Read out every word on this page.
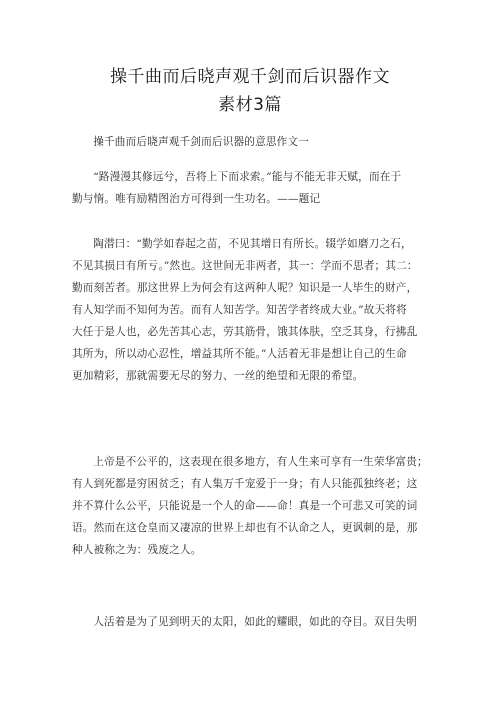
操千曲而后晓声观千剑而后识器作文
素材3篇
操千曲而后晓声观千剑而后识器的意思作文一
“路漫漫其修远兮，吾将上下而求索。”能与不能无非天赋，而在于
勤与惰。唯有励精图治方可得到一生功名。——题记
陶潜曰：“勤学如春起之苗，不见其增日有所长。辍学如磨刀之石，
不见其损日有所亏。”然也。这世间无非两者，其一：学而不思者；其二：
勤而刻苦者。那这世界上为何会有这两种人呢？知识是一人毕生的财产，
有人知学而不知何为苦。而有人知苦学。知苦学者终成大业。”故天将将
大任于是人也，必先苦其心志，劳其筋骨，饿其体肤，空乏其身，行拂乱
其所为，所以动心忍性，增益其所不能。”人活着无非是想让自己的生命
更加精彩，那就需要无尽的努力、一丝的绝望和无限的希望。
上帝是不公平的，这表现在很多地方，有人生来可享有一生荣华富贵；
有人到死都是穷困贫乏；有人集万千宠爱于一身；有人只能孤独终老；这
并不算什么公平，只能说是一个人的命——命！真是一个可悲又可笑的词
语。然而在这仓皇而又凄凉的世界上却也有不认命之人，更讽刺的是，那
种人被称之为：残废之人。
人活着是为了见到明天的太阳，如此的耀眼，如此的夺目。双目失明
